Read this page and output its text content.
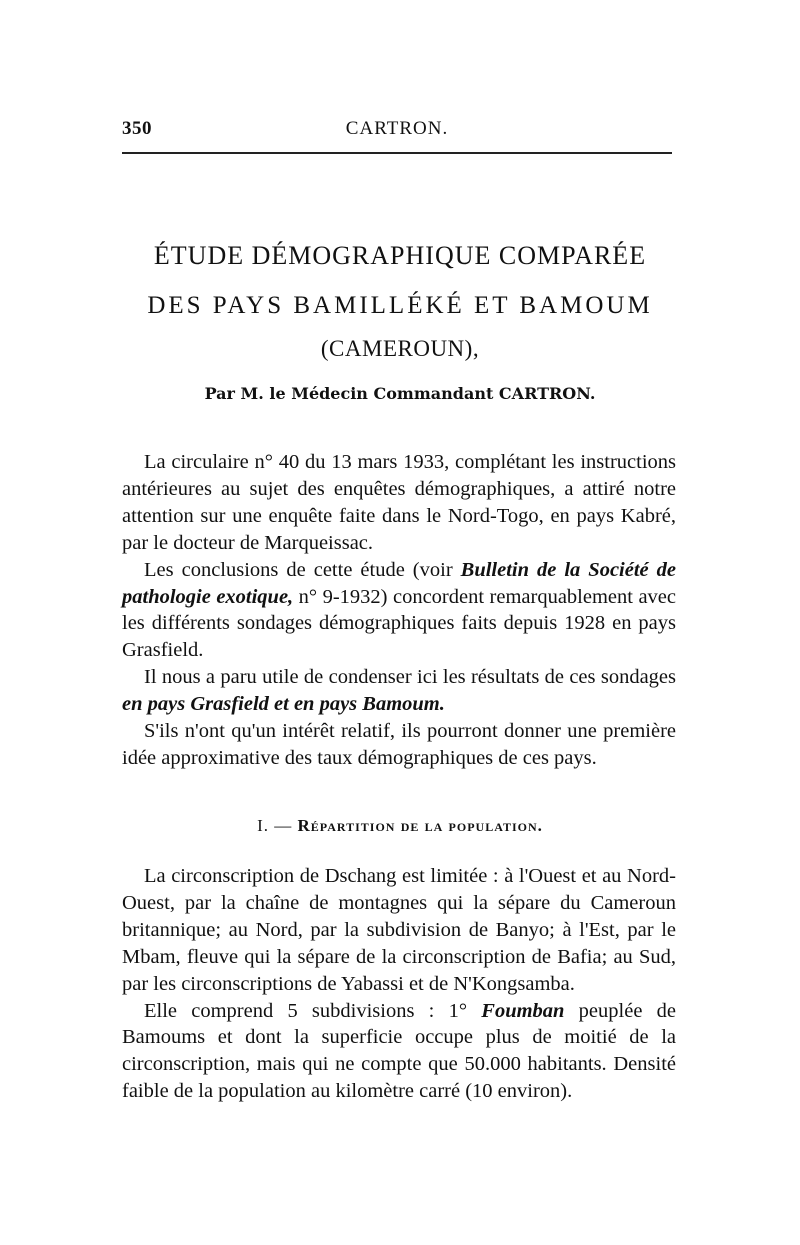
350	CARTRON.
ÉTUDE DÉMOGRAPHIQUE COMPARÉE
DES PAYS BAMILLÉKÉ ET BAMOUM
(CAMEROUN),
Par M. le Médecin Commandant CARTRON.

La circulaire n° 40 du 13 mars 1933, complétant les instructions antérieures au sujet des enquêtes démographiques, a attiré notre attention sur une enquête faite dans le Nord-Togo, en pays Kabré, par le docteur de Marqueissac.

Les conclusions de cette étude (voir Bulletin de la Société de pathologie exotique, n° 9-1932) concordent remarquablement avec les différents sondages démographiques faits depuis 1928 en pays Grasfield.

Il nous a paru utile de condenser ici les résultats de ces sondages en pays Grasfield et en pays Bamoum.

S'ils n'ont qu'un intérêt relatif, ils pourront donner une première idée approximative des taux démographiques de ces pays.

I. — Répartition de la population.

La circonscription de Dschang est limitée : à l'Ouest et au Nord-Ouest, par la chaîne de montagnes qui la sépare du Cameroun britannique; au Nord, par la subdivision de Banyo; à l'Est, par le Mbam, fleuve qui la sépare de la circonscription de Bafia; au Sud, par les circonscriptions de Yabassi et de N'Kongsamba.

Elle comprend 5 subdivisions : 1° Foumban peuplée de Bamoums et dont la superficie occupe plus de moitié de la circonscription, mais qui ne compte que 50.000 habitants. Densité faible de la population au kilomètre carré (10 environ).
